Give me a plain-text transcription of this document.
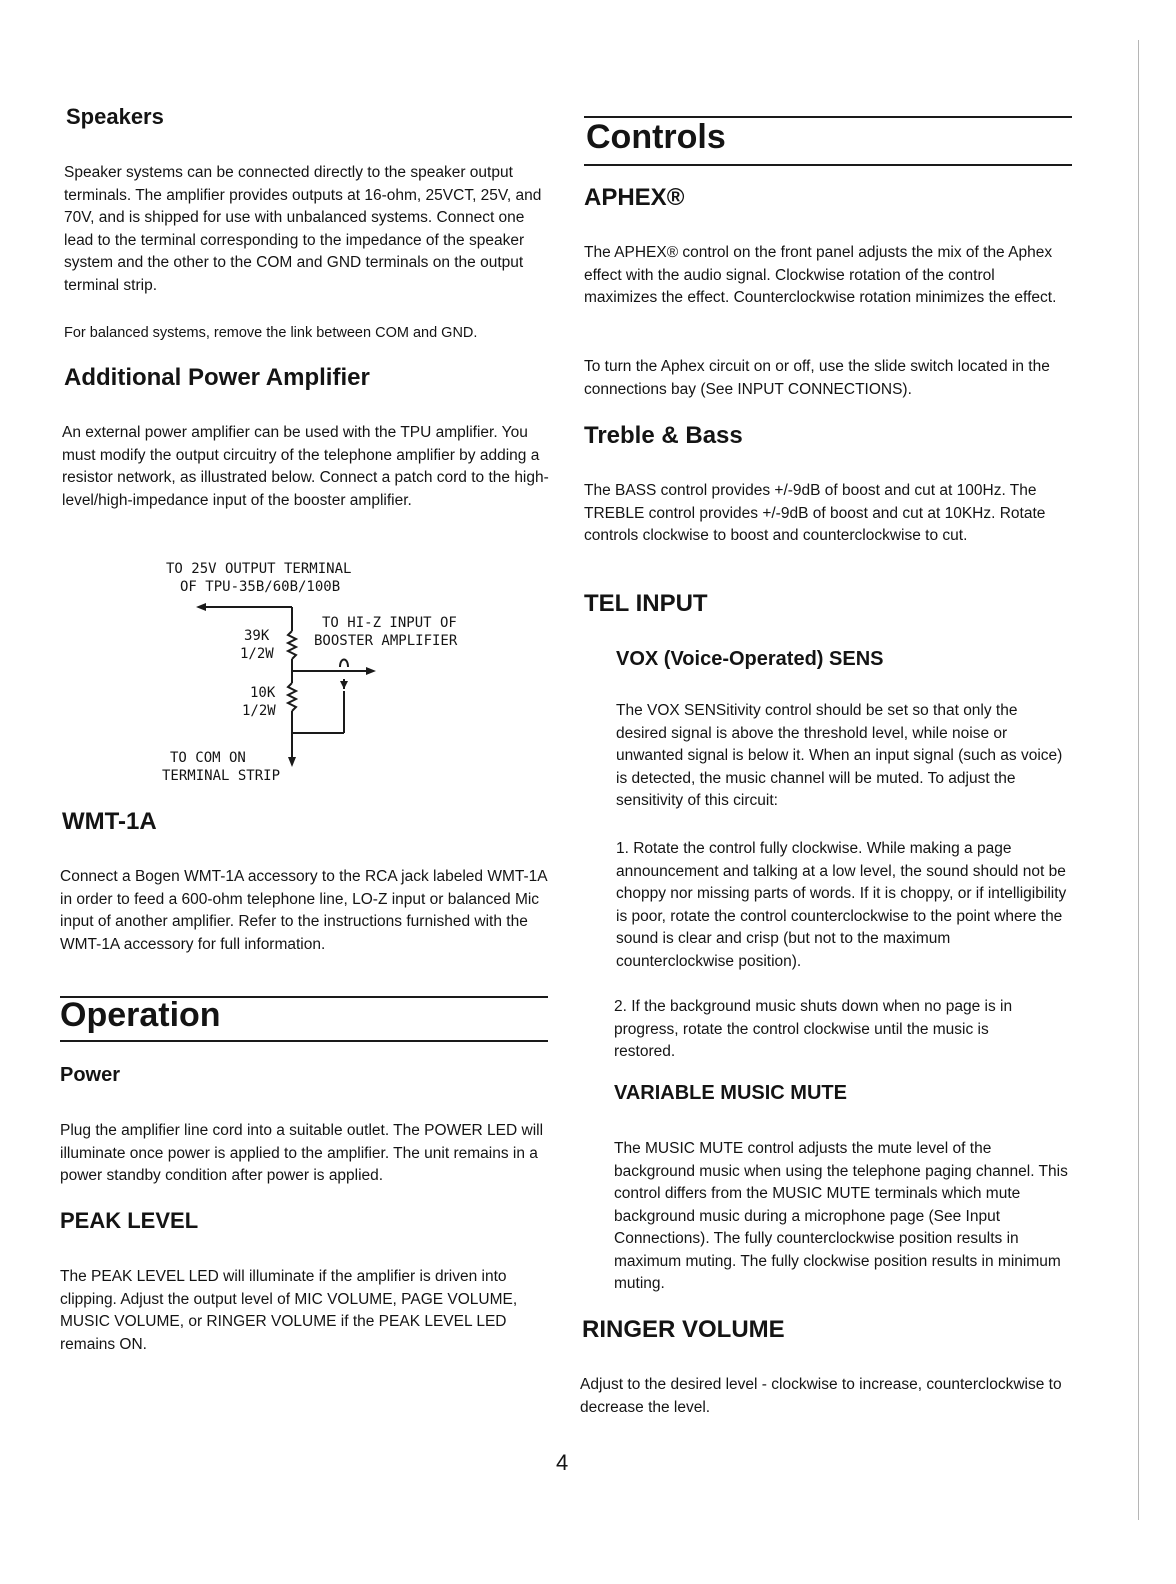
Speakers

Speaker systems can be connected directly to the speaker output terminals. The amplifier provides outputs at 16-ohm, 25VCT, 25V, and 70V, and is shipped for use with unbalanced systems. Connect one lead to the terminal corresponding to the impedance of the speaker system and the other to the COM and GND terminals on the output terminal strip.

For balanced systems, remove the link between COM and GND.

Additional Power Amplifier

An external power amplifier can be used with the TPU amplifier. You must modify the output circuitry of the telephone amplifier by adding a resistor network, as illustrated below. Connect a patch cord to the high-level/high-impedance input of the booster amplifier.

TO 25V OUTPUT TERMINAL
OF TPU-35B/60B/100B
39K
1/2W
TO HI-Z INPUT OF
BOOSTER AMPLIFIER
10K
1/2W
TO COM ON
TERMINAL STRIP
WMT-1A

Connect a Bogen WMT-1A accessory to the RCA jack labeled WMT-1A in order to feed a 600-ohm telephone line, LO-Z input or balanced Mic input of another amplifier. Refer to the instructions furnished with the WMT-1A accessory for full information.

Operation
Power

Plug the amplifier line cord into a suitable outlet. The POWER LED will illuminate once power is applied to the amplifier. The unit remains in a power standby condition after power is applied.

PEAK LEVEL

The PEAK LEVEL LED will illuminate if the amplifier is driven into clipping. Adjust the output level of MIC VOLUME, PAGE VOLUME, MUSIC VOLUME, or RINGER VOLUME if the PEAK LEVEL LED remains ON.

Controls
APHEX®

The APHEX® control on the front panel adjusts the mix of the Aphex effect with the audio signal. Clockwise rotation of the control maximizes the effect. Counterclockwise rotation minimizes the effect.

To turn the Aphex circuit on or off, use the slide switch located in the connections bay (See INPUT CONNECTIONS).

Treble & Bass

The BASS control provides +/-9dB of boost and cut at 100Hz. The TREBLE control provides +/-9dB of boost and cut at 10KHz. Rotate controls clockwise to boost and counterclockwise to cut.

TEL INPUT
VOX (Voice-Operated) SENS

The VOX SENSitivity control should be set so that only the desired signal is above the threshold level, while noise or unwanted signal is below it. When an input signal (such as voice) is detected, the music channel will be muted. To adjust the sensitivity of this circuit:

1. Rotate the control fully clockwise. While making a page announcement and talking at a low level, the sound should not be choppy nor missing parts of words. If it is choppy, or if intelligibility is poor, rotate the control counterclockwise to the point where the sound is clear and crisp (but not to the maximum counterclockwise position).

2. If the background music shuts down when no page is in progress, rotate the control clockwise until the music is restored.

VARIABLE MUSIC MUTE

The MUSIC MUTE control adjusts the mute level of the background music when using the telephone paging channel. This control differs from the MUSIC MUTE terminals which mute background music during a microphone page (See Input Connections). The fully counterclockwise position results in maximum muting. The fully clockwise position results in minimum muting.

RINGER VOLUME

Adjust to the desired level - clockwise to increase, counterclockwise to decrease the level.

4
